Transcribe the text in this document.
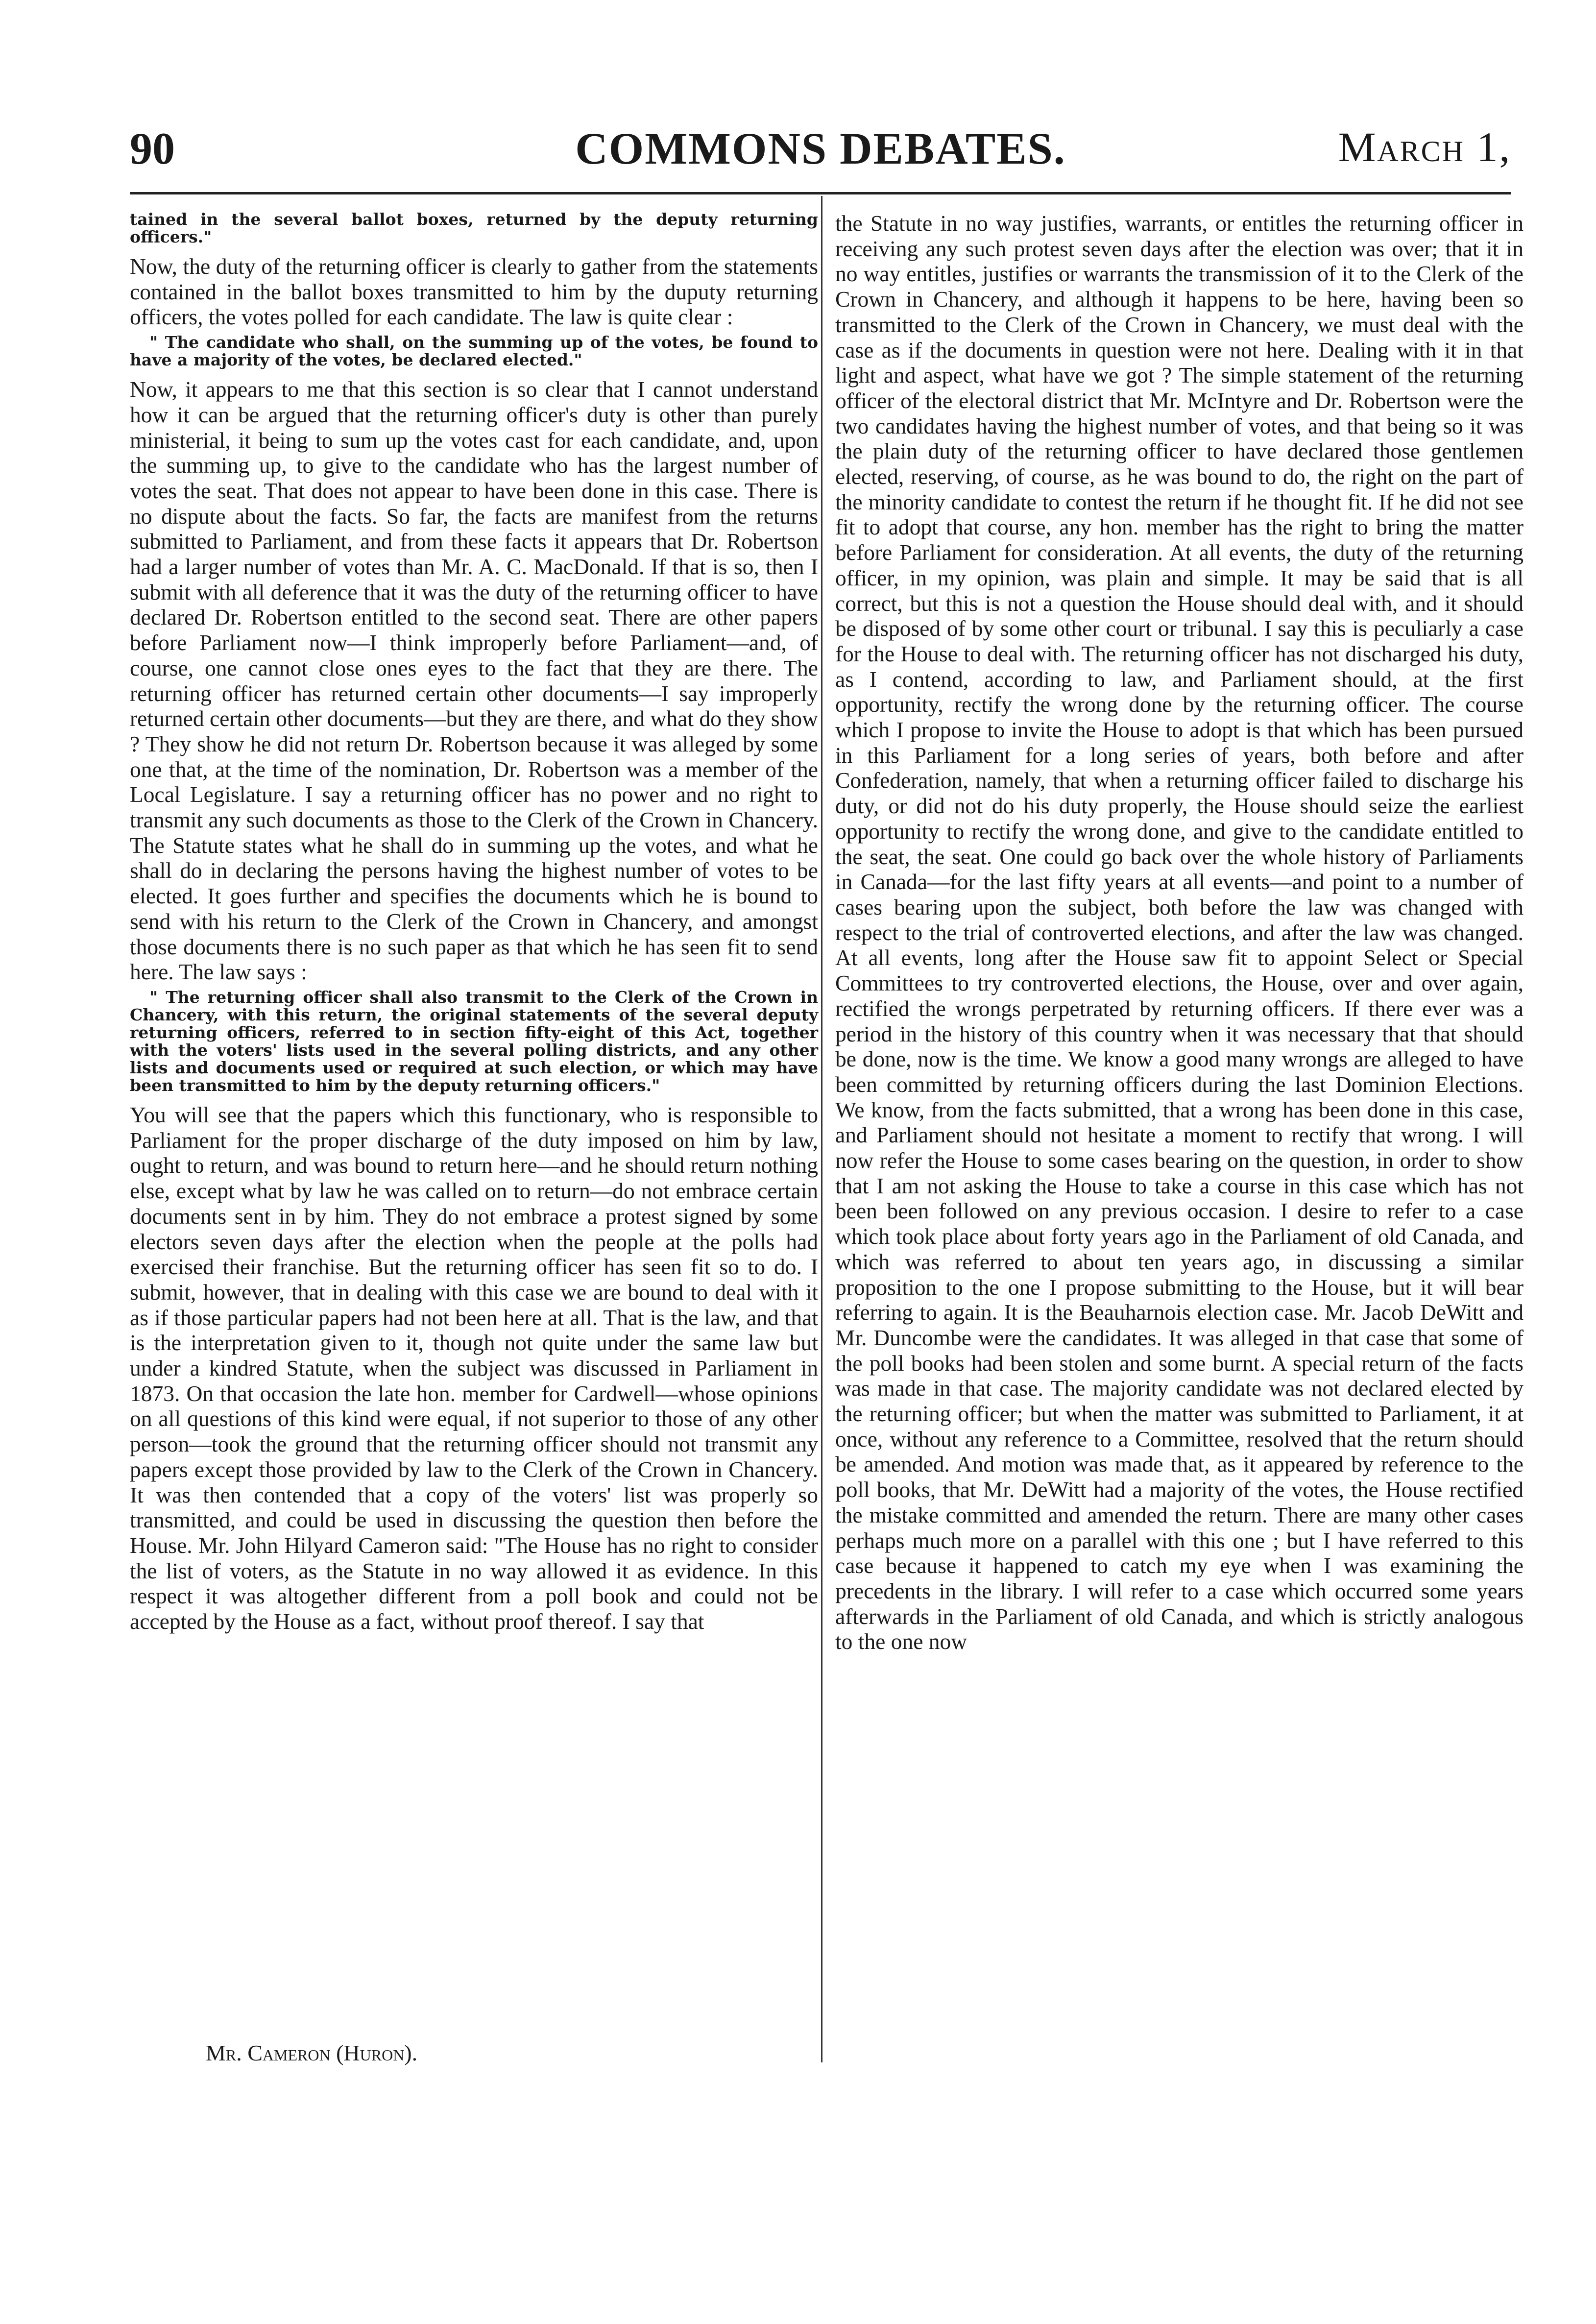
90	COMMONS DEBATES.	March 1,
tained in the several ballot boxes, returned by the deputy returning officers."

Now, the duty of the returning officer is clearly to gather from the statements contained in the ballot boxes transmitted to him by the duputy returning officers, the votes polled for each candidate. The law is quite clear :

" The candidate who shall, on the summing up of the votes, be found to have a majority of the votes, be declared elected."

Now, it appears to me that this section is so clear that I cannot understand how it can be argued that the returning officer's duty is other than purely ministerial, it being to sum up the votes cast for each candidate, and, upon the summing up, to give to the candidate who has the largest number of votes the seat. That does not appear to have been done in this case. There is no dispute about the facts. So far, the facts are manifest from the returns submitted to Parliament, and from these facts it appears that Dr. Robertson had a larger number of votes than Mr. A. C. MacDonald. If that is so, then I submit with all deference that it was the duty of the returning officer to have declared Dr. Robertson entitled to the second seat. There are other papers before Parliament now—I think improperly before Parliament—and, of course, one cannot close ones eyes to the fact that they are there. The returning officer has returned certain other documents—I say improperly returned certain other documents—but they are there, and what do they show ? They show he did not return Dr. Robertson because it was alleged by some one that, at the time of the nomination, Dr. Robertson was a member of the Local Legislature. I say a returning officer has no power and no right to transmit any such documents as those to the Clerk of the Crown in Chancery. The Statute states what he shall do in summing up the votes, and what he shall do in declaring the persons having the highest number of votes to be elected. It goes further and specifies the documents which he is bound to send with his return to the Clerk of the Crown in Chancery, and amongst those documents there is no such paper as that which he has seen fit to send here. The law says :

" The returning officer shall also transmit to the Clerk of the Crown in Chancery, with this return, the original statements of the several deputy returning officers, referred to in section fifty-eight of this Act, together with the voters' lists used in the several polling districts, and any other lists and documents used or required at such election, or which may have been transmitted to him by the deputy returning officers."

You will see that the papers which this functionary, who is responsible to Parliament for the proper discharge of the duty imposed on him by law, ought to return, and was bound to return here—and he should return nothing else, except what by law he was called on to return—do not embrace certain documents sent in by him. They do not embrace a protest signed by some electors seven days after the election when the people at the polls had exercised their franchise. But the returning officer has seen fit so to do. I submit, however, that in dealing with this case we are bound to deal with it as if those particular papers had not been here at all. That is the law, and that is the interpretation given to it, though not quite under the same law but under a kindred Statute, when the subject was discussed in Parliament in 1873. On that occasion the late hon. member for Cardwell—whose opinions on all questions of this kind were equal, if not superior to those of any other person—took the ground that the returning officer should not transmit any papers except those provided by law to the Clerk of the Crown in Chancery. It was then contended that a copy of the voters' list was properly so transmitted, and could be used in discussing the question then before the House. Mr. John Hilyard Cameron said: "The House has no right to consider the list of voters, as the Statute in no way allowed it as evidence. In this respect it was altogether different from a poll book and could not be accepted by the House as a fact, without proof thereof. I say that

the Statute in no way justifies, warrants, or entitles the returning officer in receiving any such protest seven days after the election was over; that it in no way entitles, justifies or warrants the transmission of it to the Clerk of the Crown in Chancery, and although it happens to be here, having been so transmitted to the Clerk of the Crown in Chancery, we must deal with the case as if the documents in question were not here. Dealing with it in that light and aspect, what have we got ? The simple statement of the returning officer of the electoral district that Mr. McIntyre and Dr. Robertson were the two candidates having the highest number of votes, and that being so it was the plain duty of the returning officer to have declared those gentlemen elected, reserving, of course, as he was bound to do, the right on the part of the minority candidate to contest the return if he thought fit. If he did not see fit to adopt that course, any hon. member has the right to bring the matter before Parliament for consideration. At all events, the duty of the returning officer, in my opinion, was plain and simple. It may be said that is all correct, but this is not a question the House should deal with, and it should be disposed of by some other court or tribunal. I say this is peculiarly a case for the House to deal with. The returning officer has not discharged his duty, as I contend, according to law, and Parliament should, at the first opportunity, rectify the wrong done by the returning officer. The course which I propose to invite the House to adopt is that which has been pursued in this Parliament for a long series of years, both before and after Confederation, namely, that when a returning officer failed to discharge his duty, or did not do his duty properly, the House should seize the earliest opportunity to rectify the wrong done, and give to the candidate entitled to the seat, the seat. One could go back over the whole history of Parliaments in Canada—for the last fifty years at all events—and point to a number of cases bearing upon the subject, both before the law was changed with respect to the trial of controverted elections, and after the law was changed. At all events, long after the House saw fit to appoint Select or Special Committees to try controverted elections, the House, over and over again, rectified the wrongs perpetrated by returning officers. If there ever was a period in the history of this country when it was necessary that that should be done, now is the time. We know a good many wrongs are alleged to have been committed by returning officers during the last Dominion Elections. We know, from the facts submitted, that a wrong has been done in this case, and Parliament should not hesitate a moment to rectify that wrong. I will now refer the House to some cases bearing on the question, in order to show that I am not asking the House to take a course in this case which has not been been followed on any previous occasion. I desire to refer to a case which took place about forty years ago in the Parliament of old Canada, and which was referred to about ten years ago, in discussing a similar proposition to the one I propose submitting to the House, but it will bear referring to again. It is the Beauharnois election case. Mr. Jacob DeWitt and Mr. Duncombe were the candidates. It was alleged in that case that some of the poll books had been stolen and some burnt. A special return of the facts was made in that case. The majority candidate was not declared elected by the returning officer; but when the matter was submitted to Parliament, it at once, without any reference to a Committee, resolved that the return should be amended. And motion was made that, as it appeared by reference to the poll books, that Mr. DeWitt had a majority of the votes, the House rectified the mistake committed and amended the return. There are many other cases perhaps much more on a parallel with this one ; but I have referred to this case because it happened to catch my eye when I was examining the precedents in the library. I will refer to a case which occurred some years afterwards in the Parliament of old Canada, and which is strictly analogous to the one now

Mr. Cameron (Huron).
